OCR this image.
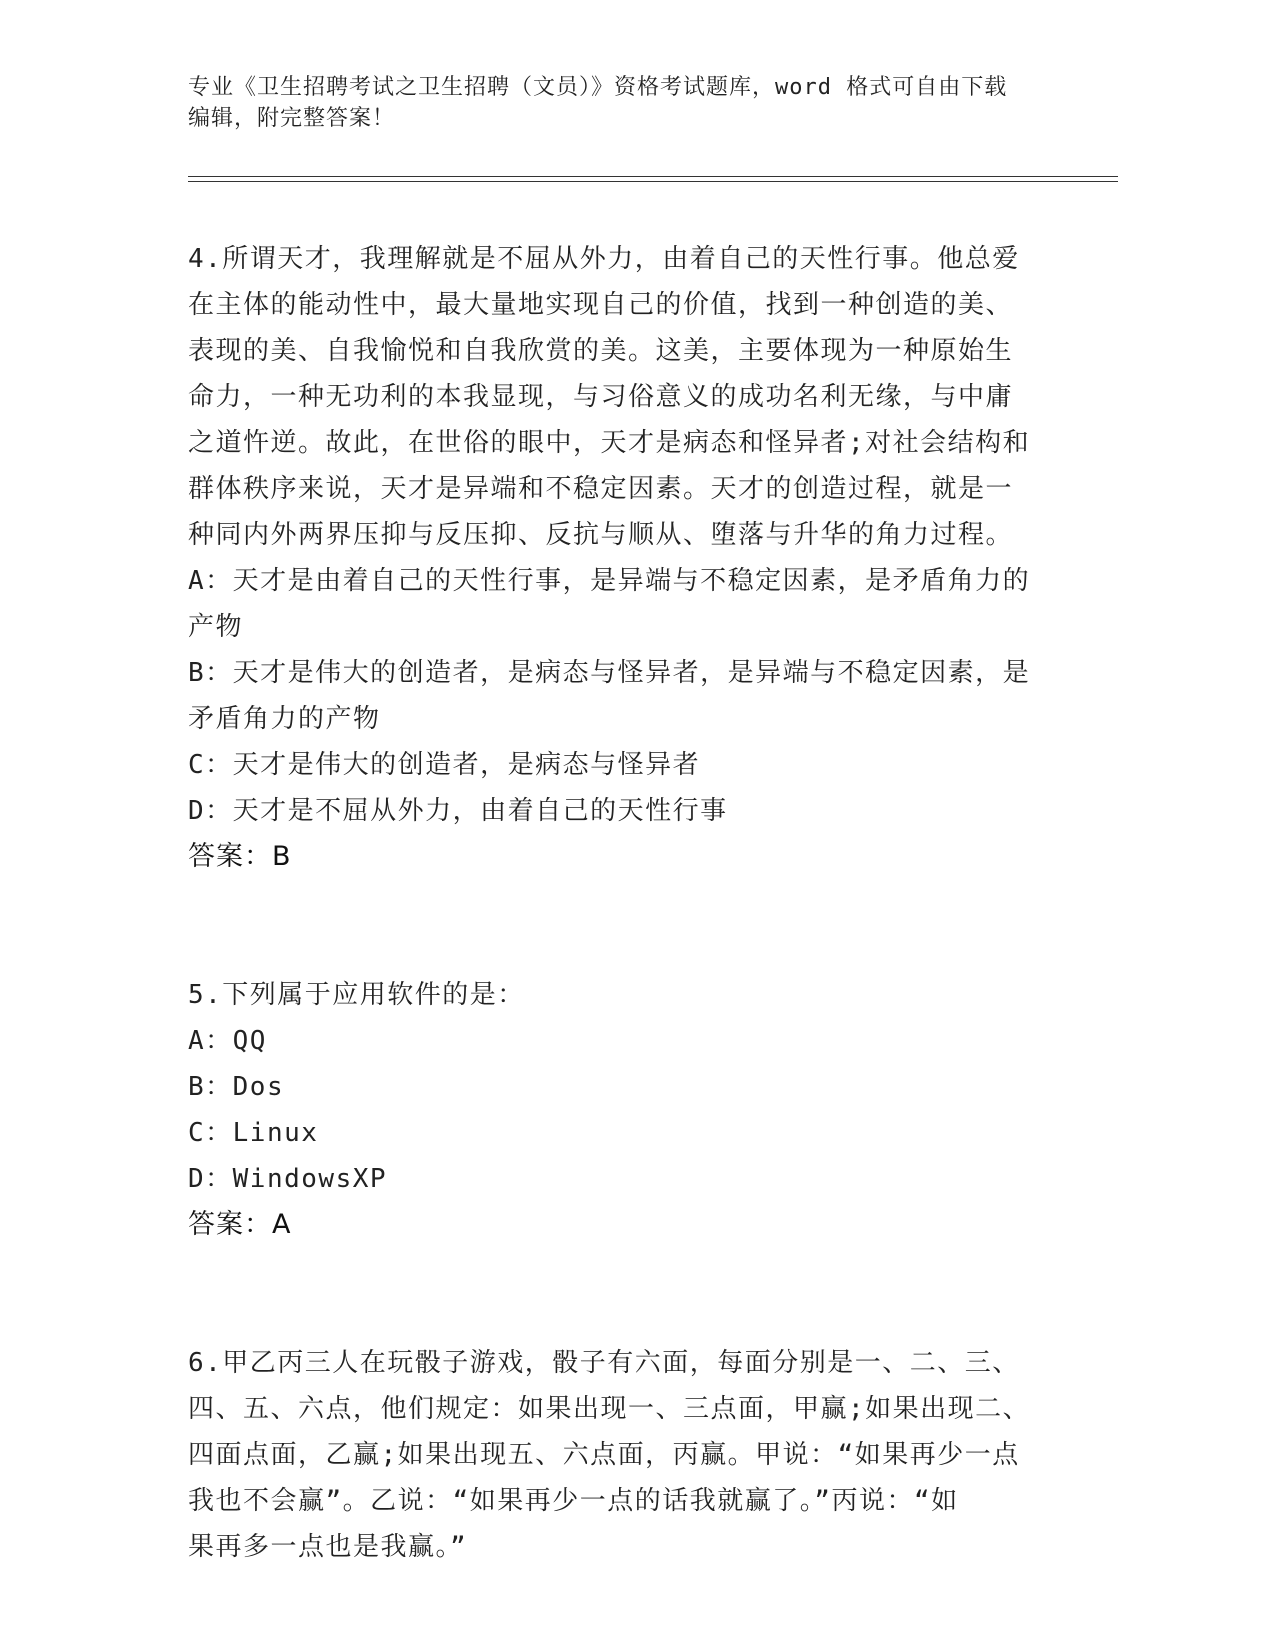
专业《卫生招聘考试之卫生招聘（文员）》资格考试题库，word 格式可自由下载
编辑，附完整答案！
4.所谓天才，我理解就是不屈从外力，由着自己的天性行事。他总爱
在主体的能动性中，最大量地实现自己的价值，找到一种创造的美、
表现的美、自我愉悦和自我欣赏的美。这美，主要体现为一种原始生
命力，一种无功利的本我显现，与习俗意义的成功名利无缘，与中庸
之道忤逆。故此，在世俗的眼中，天才是病态和怪异者;对社会结构和
群体秩序来说，天才是异端和不稳定因素。天才的创造过程，就是一
种同内外两界压抑与反压抑、反抗与顺从、堕落与升华的角力过程。
A：天才是由着自己的天性行事，是异端与不稳定因素，是矛盾角力的
产物
B：天才是伟大的创造者，是病态与怪异者，是异端与不稳定因素，是
矛盾角力的产物
C：天才是伟大的创造者，是病态与怪异者
D：天才是不屈从外力，由着自己的天性行事
答案：B
5.下列属于应用软件的是：
A：QQ
B：Dos
C：Linux
D：WindowsXP
答案：A
6.甲乙丙三人在玩骰子游戏，骰子有六面，每面分别是一、二、三、
四、五、六点，他们规定：如果出现一、三点面，甲赢;如果出现二、
四面点面，乙赢;如果出现五、六点面，丙赢。甲说：“如果再少一点
我也不会赢”。乙说：“如果再少一点的话我就赢了。”丙说：“如
果再多一点也是我赢。”
